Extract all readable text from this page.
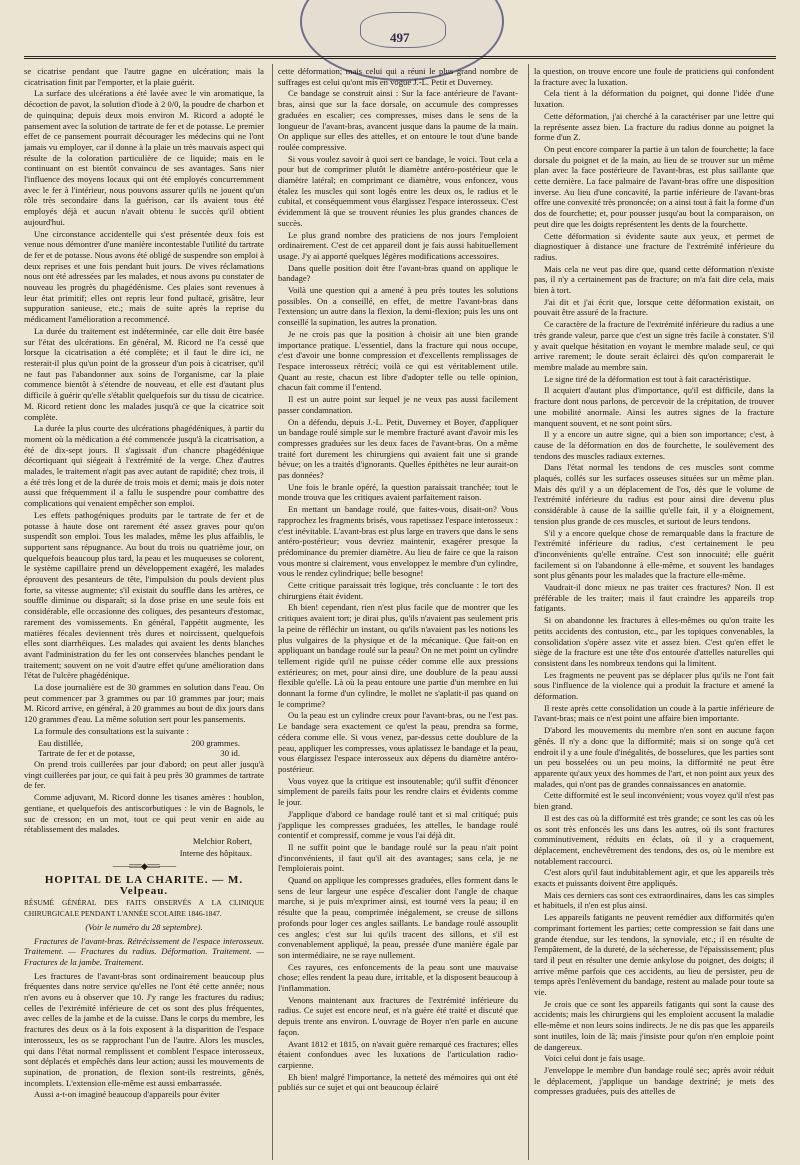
497

se cicatrise pendant que l'autre gagne en ulcération; mais la cicatrisation finit par l'emporter, et la plaie guérit.

La surface des ulcérations a été lavée avec le vin aromatique, la décoction de pavot, la solution d'iode à 2 0/0, la poudre de charbon et de quinquina; depuis deux mois environ M. Ricord a adopté le pansement avec la solution de tartrate de fer et de potasse. Le premier effet de ce pansement pourrait décourager les médecins qui ne l'ont jamais vu employer, car il donne à la plaie un très mauvais aspect qui résulte de la coloration particulière de ce liquide; mais en le continuant on est bientôt convaincu de ses avantages. Sans nier l'influence des moyens locaux qui ont été employés concurremment avec le fer à l'intérieur, nous pouvons assurer qu'ils ne jouent qu'un rôle très secondaire dans la guérison, car ils avaient tous été employés déjà et aucun n'avait obtenu le succès qu'il obtient aujourd'hui.

Une circonstance accidentelle qui s'est présentée deux fois est venue nous démontrer d'une manière incontestable l'utilité du tartrate de fer et de potasse. Nous avons été obligé de suspendre son emploi à deux reprises et une fois pendant huit jours. De vives réclamations nous ont été adressées par les malades, et nous avons pu constater de nouveau les progrès du phagédénisme. Ces plaies sont revenues à leur état primitif; elles ont repris leur fond pultacé, grisâtre, leur suppuration sanieuse, etc.; mais de suite après la reprise du médicament l'amélioration a recommencé.

La durée du traitement est indéterminée, car elle doit être basée sur l'état des ulcérations. En général, M. Ricord ne l'a cessé que lorsque la cicatrisation a été complète; et il faut le dire ici, ne resterait-il plus qu'un point de la grosseur d'un pois à cicatriser, qu'il ne faut pas l'abandonner aux soins de l'organisme, car la plaie commence bientôt à s'étendre de nouveau, et elle est d'autant plus difficile à guérir qu'elle s'établit quelquefois sur du tissu de cicatrice. M. Ricord retient donc les malades jusqu'à ce que la cicatrice soit complète.

La durée la plus courte des ulcérations phagédéniques, à partir du moment où la médication a été commencée jusqu'à la cicatrisation, a été de dix-sept jours. Il s'agissait d'un chancre phagédénique décortiquant qui siégeait à l'extrémité de la verge. Chez d'autres malades, le traitement n'agit pas avec autant de rapidité; chez trois, il a été très long et de la durée de trois mois et demi; mais je dois noter aussi que fréquemment il a fallu le suspendre pour combattre des complications qui venaient empêcher son emploi.

Les effets pathogéniques produits par le tartrate de fer et de potasse à haute dose ont rarement été assez graves pour qu'on suspendît son emploi. Tous les malades, même les plus affaiblis, le supportent sans répugnance. Au bout du trois ou quatrième jour, on quelquefois beaucoup plus tard, la peau et les muqueuses se colorent, le système capillaire prend un développement exagéré, les malades éprouvent des pesanteurs de tête, l'impulsion du pouls devient plus forte, sa vitesse augmente; s'il existait du souffle dans les artères, ce souffle diminue ou disparaît; si la dose prise en une seule fois est considérable, elle occasionne des coliques, des pesanteurs d'estomac, rarement des vomissements. En général, l'appétit augmente, les matières fécales deviennent très dures et noircissent, quelquefois elles sont diarrhéiques. Les malades qui avaient les dents blanches avant l'administration du fer les ont conservées blanches pendant le traitement; souvent on ne voit d'autre effet qu'une amélioration dans l'état de l'ulcère phagédénique.

La dose journalière est de 30 grammes en solution dans l'eau. On peut commencer par 3 grammes ou par 10 grammes par jour; mais M. Ricord arrive, en général, à 20 grammes au bout de dix jours dans 120 grammes d'eau. La même solution sert pour les pansements.

La formule des consultations est la suivante :

Eau distillée,	200 grammes.
Tartrate de fer et de potasse,	30 id.

On prend trois cuillerées par jour d'abord; on peut aller jusqu'à vingt cuillerées par jour, ce qui fait à peu près 30 grammes de tartrate de fer.

Comme adjuvant, M. Ricord donne les tisanes amères : houblon, gentiane, et quelquefois des antiscorbutiques : le vin de Bagnols, le suc de cresson; en un mot, tout ce qui peut venir en aide au rétablissement des malades.

Melchior Robert,

Interne des hôpitaux.

——≡≡≡◆≡≡≡——
HOPITAL DE LA CHARITE. — M. Velpeau.

RÉSUMÉ GÉNÉRAL DES FAITS OBSERVÉS A LA CLINIQUE CHIRURGICALE PENDANT L'ANNÉE SCOLAIRE 1846-1847.

(Voir le numéro du 28 septembre).

Fractures de l'avant-bras. Rétrécissement de l'espace interosseux. Traitement. — Fractures du radius. Déformation. Traitement. — Fractures de la jambe. Traitement.

Les fractures de l'avant-bras sont ordinairement beaucoup plus fréquentes dans notre service qu'elles ne l'ont été cette année; nous n'en avons eu à observer que 10. J'y range les fractures du radius; celles de l'extrémité inférieure de cet os sont des plus fréquentes, avec celles de la jambe et de la cuisse. Dans le corps du membre, les fractures des deux os à la fois exposent à la disparition de l'espace interosseux, les os se rapprochant l'un de l'autre. Alors les muscles, qui dans l'état normal remplissent et comblent l'espace interosseux, sont déplacés et empêchés dans leur action; aussi les mouvements de supination, de pronation, de flexion sont-ils restreints, gênés, incomplets. L'extension elle-même est aussi embarrassée.

Aussi a-t-on imaginé beaucoup d'appareils pour éviter

cette déformation; mais celui qui a réuni le plus grand nombre de suffrages est celui qu'ont mis en vogue J.-L. Petit et Duverney.

Ce bandage se construit ainsi : Sur la face antérieure de l'avant-bras, ainsi que sur la face dorsale, on accumule des compresses graduées en escalier; ces compresses, mises dans le sens de la longueur de l'avant-bras, avancent jusque dans la paume de la main. On applique sur elles des attelles, et on entoure le tout d'une bande roulée compressive.

Si vous voulez savoir à quoi sert ce bandage, le voici. Tout cela a pour but de comprimer plutôt le diamètre antéro-postérieur que le diamètre latéral; en comprimant ce diamètre, vous enfoncez, vous étalez les muscles qui sont logés entre les deux os, le radius et le cubital, et conséquemment vous élargissez l'espace interosseux. C'est évidemment là que se trouvent réunies les plus grandes chances de succès.

Le plus grand nombre des praticiens de nos jours l'emploient ordinairement. C'est de cet appareil dont je fais aussi habituellement usage. J'y ai apporté quelques légères modifications accessoires.

Dans quelle position doit être l'avant-bras quand on applique le bandage?

Voilà une question qui a amené à peu près toutes les solutions possibles. On a conseillé, en effet, de mettre l'avant-bras dans l'extension; un autre dans la flexion, la demi-flexion; puis les uns ont conseillé la supination, les autres la pronation.

Je ne crois pas que la position à choisir ait une bien grande importance pratique. L'essentiel, dans la fracture qui nous occupe, c'est d'avoir une bonne compression et d'excellents remplissages de l'espace interosseux rétréci; voilà ce qui est véritablement utile. Quant au reste, chacun est libre d'adopter telle ou telle opinion, chacun fait comme il l'entend.

Il est un autre point sur lequel je ne veux pas aussi facilement passer condamnation.

On a défendu, depuis J.-L. Petit, Duverney et Boyer, d'appliquer un bandage roulé simple sur le membre fracturé avant d'avoir mis les compresses graduées sur les deux faces de l'avant-bras. On a même traité fort durement les chirurgiens qui avaient fait une si grande bévue; on les a traités d'ignorants. Quelles épithètes ne leur aurait-on pas données?

Une fois le branle opéré, la question paraissait tranchée; tout le monde trouva que les critiques avaient parfaitement raison.

En mettant un bandage roulé, que faites-vous, disait-on? Vous rapprochez les fragments brisés, vous rapetissez l'espace interosseux : c'est inévitable. L'avant-bras est plus large en travers que dans le sens antéro-postérieur; vous devriez maintenir, exagérer presque la prédominance du premier diamètre. Au lieu de faire ce que la raison vous montre si clairement, vous enveloppez le membre d'un cylindre, vous le rendez cylindrique; belle besogne!

Cette critique paraissait très logique, très concluante : le tort des chirurgiens était évident.

Eh bien! cependant, rien n'est plus facile que de montrer que les critiques avaient tort; je dirai plus, qu'ils n'avaient pas seulement pris la peine de réfléchir un instant, ou qu'ils n'avaient pas les notions les plus vulgaires de la physique et de la mécanique. Que fait-on en appliquant un bandage roulé sur la peau? On ne met point un cylindre tellement rigide qu'il ne puisse céder comme elle aux pressions extérieures; on met, pour ainsi dire, une doublure de la peau aussi flexible qu'elle. Là où la peau entoure une partie d'un membre en lui donnant la forme d'un cylindre, le mollet ne s'aplatit-il pas quand on le comprime?

Ou la peau est un cylindre creux pour l'avant-bras, ou ne l'est pas. Le bandage sera exactement ce qu'est la peau, prendra sa forme, cédera comme elle. Si vous venez, par-dessus cette doublure de la peau, appliquer les compresses, vous aplatissez le bandage et la peau, vous élargissez l'espace interosseux aux dépens du diamètre antéro-postérieur.

Vous voyez que la critique est insoutenable; qu'il suffit d'énoncer simplement de pareils faits pour les rendre clairs et évidents comme le jour.

J'applique d'abord ce bandage roulé tant et si mal critiqué; puis j'applique les compresses graduées, les attelles, le bandage roulé contentif et compressif, comme je vous l'ai déjà dit.

Il ne suffit point que le bandage roulé sur la peau n'ait point d'inconvénients, il faut qu'il ait des avantages; sans cela, je ne l'emploierais point.

Quand on applique les compresses graduées, elles forment dans le sens de leur largeur une espèce d'escalier dont l'angle de chaque marche, si je puis m'exprimer ainsi, est tourné vers la peau; il en résulte que la peau, comprimée inégalement, se creuse de sillons profonds pour loger ces angles saillants. Le bandage roulé assouplit ces angles; c'est sur lui qu'ils tracent des sillons, et s'il est convenablement appliqué, la peau, pressée d'une manière égale par son intermédiaire, ne se raye nullement.

Ces rayures, ces enfoncements de la peau sont une mauvaise chose; elles rendent la peau dure, irritable, et la disposent beaucoup à l'inflammation.

Venons maintenant aux fractures de l'extrémité inférieure du radius. Ce sujet est encore neuf, et n'a guère été traité et discuté que depuis trente ans environ. L'ouvrage de Boyer n'en parle en aucune façon.

Avant 1812 et 1815, on n'avait guère remarqué ces fractures; elles étaient confondues avec les luxations de l'articulation radio-carpienne.

Eh bien! malgré l'importance, la netteté des mémoires qui ont été publiés sur ce sujet et qui ont beaucoup éclairé

la question, on trouve encore une foule de praticiens qui confondent la fracture avec la luxation.

Cela tient à la déformation du poignet, qui donne l'idée d'une luxation.

Cette déformation, j'ai cherché à la caractériser par une lettre qui la représente assez bien. La fracture du radius donne au poignet la forme d'un Z.

On peut encore comparer la partie à un talon de fourchette; la face dorsale du poignet et de la main, au lieu de se trouver sur un même plan avec la face postérieure de l'avant-bras, est plus saillante que cette dernière. La face palmaire de l'avant-bras offre une disposition inverse. Au lieu d'une concavité, la partie inférieure de l'avant-bras offre une convexité très prononcée; on a ainsi tout à fait la forme d'un dos de fourchette; et, pour pousser jusqu'au bout la comparaison, on peut dire que les doigts représentent les dents de la fourchette.

Cette déformation si évidente saute aux yeux, et permet de diagnostiquer à distance une fracture de l'extrémité inférieure du radius.

Mais cela ne veut pas dire que, quand cette déformation n'existe pas, il n'y a certainement pas de fracture; on m'a fait dire cela, mais bien à tort.

J'ai dit et j'ai écrit que, lorsque cette déformation existait, on pouvait être assuré de la fracture.

Ce caractère de la fracture de l'extrémité inférieure du radius a une très grande valeur, parce que c'est un signe très facile à constater. S'il y avait quelque hésitation en voyant le membre malade seul, ce qui arrive rarement; le doute serait éclairci dès qu'on comparerait le membre malade au membre sain.

Le signe tiré de la déformation est tout à fait caractéristique.

Il acquiert d'autant plus d'importance, qu'il est difficile, dans la fracture dont nous parlons, de percevoir de la crépitation, de trouver une mobilité anormale. Ainsi les autres signes de la fracture manquent souvent, et ne sont point sûrs.

Il y a encore un autre signe, qui a bien son importance; c'est, à cause de la déformation en dos de fourchette, le soulèvement des tendons des muscles radiaux externes.

Dans l'état normal les tendons de ces muscles sont comme plaqués, collés sur les surfaces osseuses situées sur un même plan. Mais dès qu'il y a un déplacement de l'os, dès que le volume de l'extrémité inférieure du radius est pour ainsi dire devenu plus considérable à cause de la saillie qu'elle fait, il y a éloignement, tension plus grande de ces muscles, et surtout de leurs tendons.

S'il y a encore quelque chose de remarquable dans la fracture de l'extrémité inférieure du radius, c'est certainement le peu d'inconvénients qu'elle entraîne. C'est son innocuité; elle guérit facilement si on l'abandonne à elle-même, et souvent les bandages sont plus gênants pour les malades que la fracture elle-même.

Vaudrait-il donc mieux ne pas traiter ces fractures? Non. Il est préférable de les traiter; mais il faut craindre les appareils trop fatigants.

Si on abandonne les fractures à elles-mêmes ou qu'on traite les petits accidents des contusion, etc., par les topiques convenables, la consolidation s'opère assez vite et assez bien. C'est qu'en effet le siège de la fracture est une tête d'os entourée d'attelles naturelles qui consistent dans les nombreux tendons qui la limitent.

Les fragments ne peuvent pas se déplacer plus qu'ils ne l'ont fait sous l'influence de la violence qui a produit la fracture et amené la déformation.

Il reste après cette consolidation un coude à la partie inférieure de l'avant-bras; mais ce n'est point une affaire bien importante.

D'abord les mouvements du membre n'en sont en aucune façon gênés. Il n'y a donc que la difformité; mais si on songe qu'à cet endroit il y a une foule d'inégalités, de bosselures, que les parties sont un peu bosselées ou un peu moins, la difformité ne peut être apparente qu'aux yeux des hommes de l'art, et non point aux yeux des malades, qui n'ont pas de grandes connaissances en anatomie.

Cette difformité est le seul inconvénient; vous voyez qu'il n'est pas bien grand.

Il est des cas où la difformité est très grande; ce sont les cas où les os sont très enfoncés les uns dans les autres, où ils sont fractures comminutivement, réduits en éclats, où il y a craquement, déplacement, enchevêtrement des tendons, des os, où le membre est notablement raccourci.

C'est alors qu'il faut indubitablement agir, et que les appareils très exacts et puissants doivent être appliqués.

Mais ces derniers cas sont ces extraordinaires, dans les cas simples et habituels, il n'en est plus ainsi.

Les appareils fatigants ne peuvent remédier aux difformités qu'en comprimant fortement les parties; cette compression se fait dans une grande étendue, sur les tendons, la synoviale, etc.; il en résulte de l'empâtement, de la dureté, de la sécheresse, de l'épaississement; plus tard il peut en résulter une demie ankylose du poignet, des doigts; il arrive même parfois que ces accidents, au lieu de persister, peu de temps après l'enlèvement du bandage, restent au malade pour toute sa vie.

Je crois que ce sont les appareils fatigants qui sont la cause des accidents; mais les chirurgiens qui les emploient accusent la maladie elle-même et non leurs soins indirects. Je ne dis pas que les appareils sont inutiles, loin de là; mais j'insiste pour qu'on n'en emploie point de dangereux.

Voici celui dont je fais usage.

J'enveloppe le membre d'un bandage roulé sec; après avoir réduit le déplacement, j'applique un bandage dextriné; je mets des compresses graduées, puis des attelles de
